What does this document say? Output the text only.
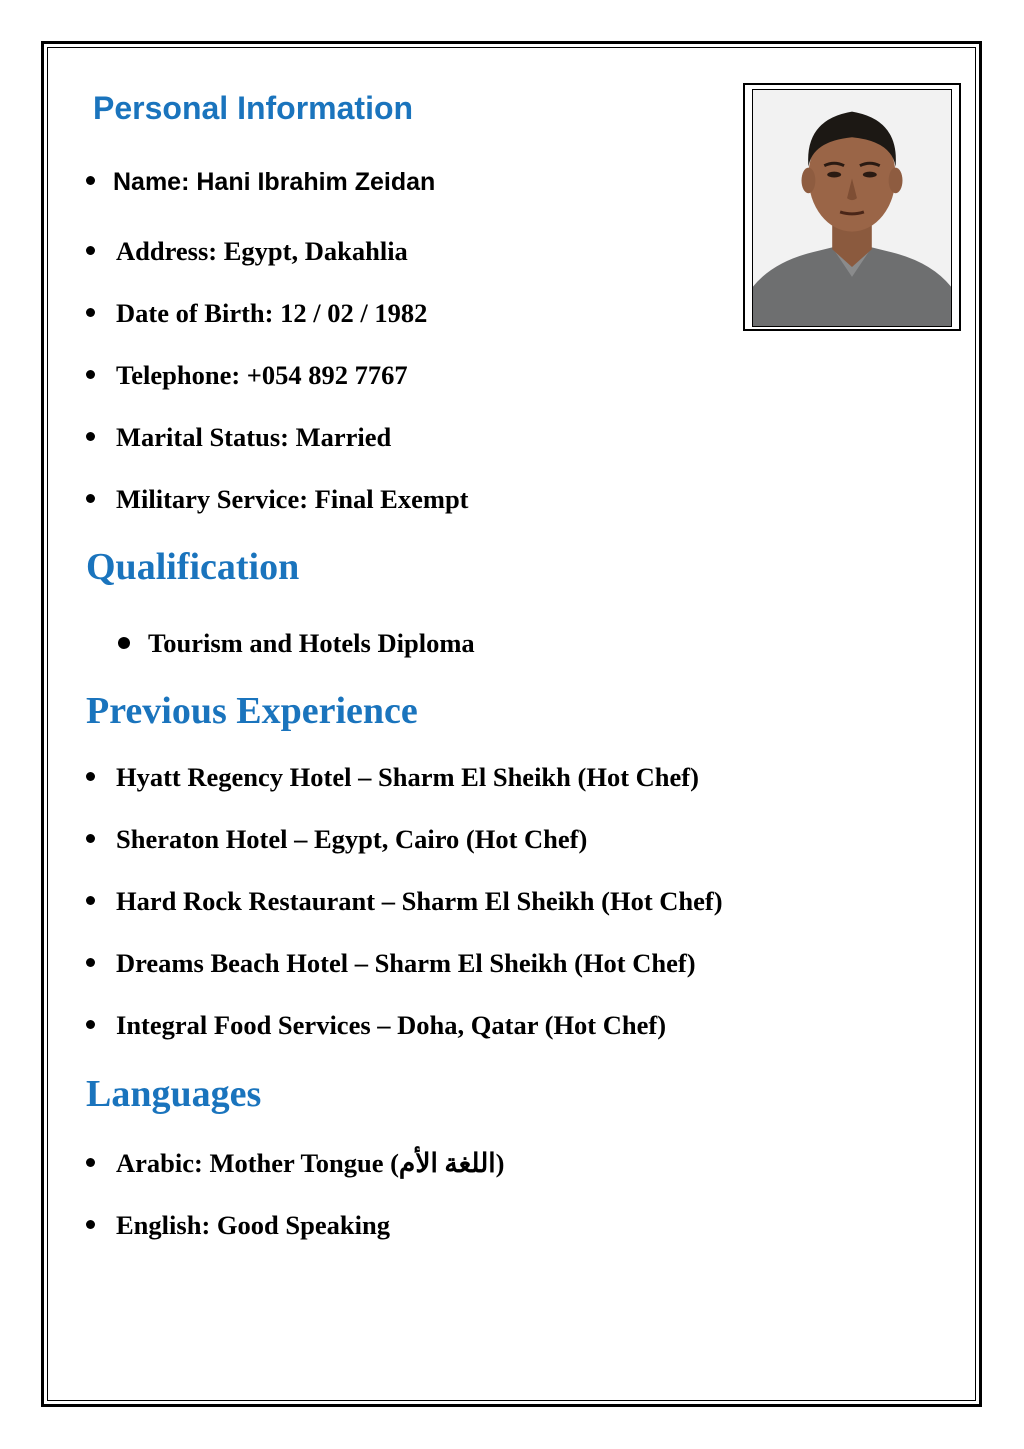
Personal Information
Name: Hani Ibrahim Zeidan
Address: Egypt, Dakahlia
Date of Birth: 12 / 02 / 1982
Telephone: +054 892 7767
Marital Status: Married
Military Service: Final Exempt
Qualification
Tourism and Hotels Diploma
Previous Experience
Hyatt Regency Hotel – Sharm El Sheikh (Hot Chef)
Sheraton Hotel – Egypt, Cairo (Hot Chef)
Hard Rock Restaurant – Sharm El Sheikh (Hot Chef)
Dreams Beach Hotel – Sharm El Sheikh (Hot Chef)
Integral Food Services – Doha, Qatar (Hot Chef)
Languages
Arabic: Mother Tongue (اللغة الأم)
English: Good Speaking
